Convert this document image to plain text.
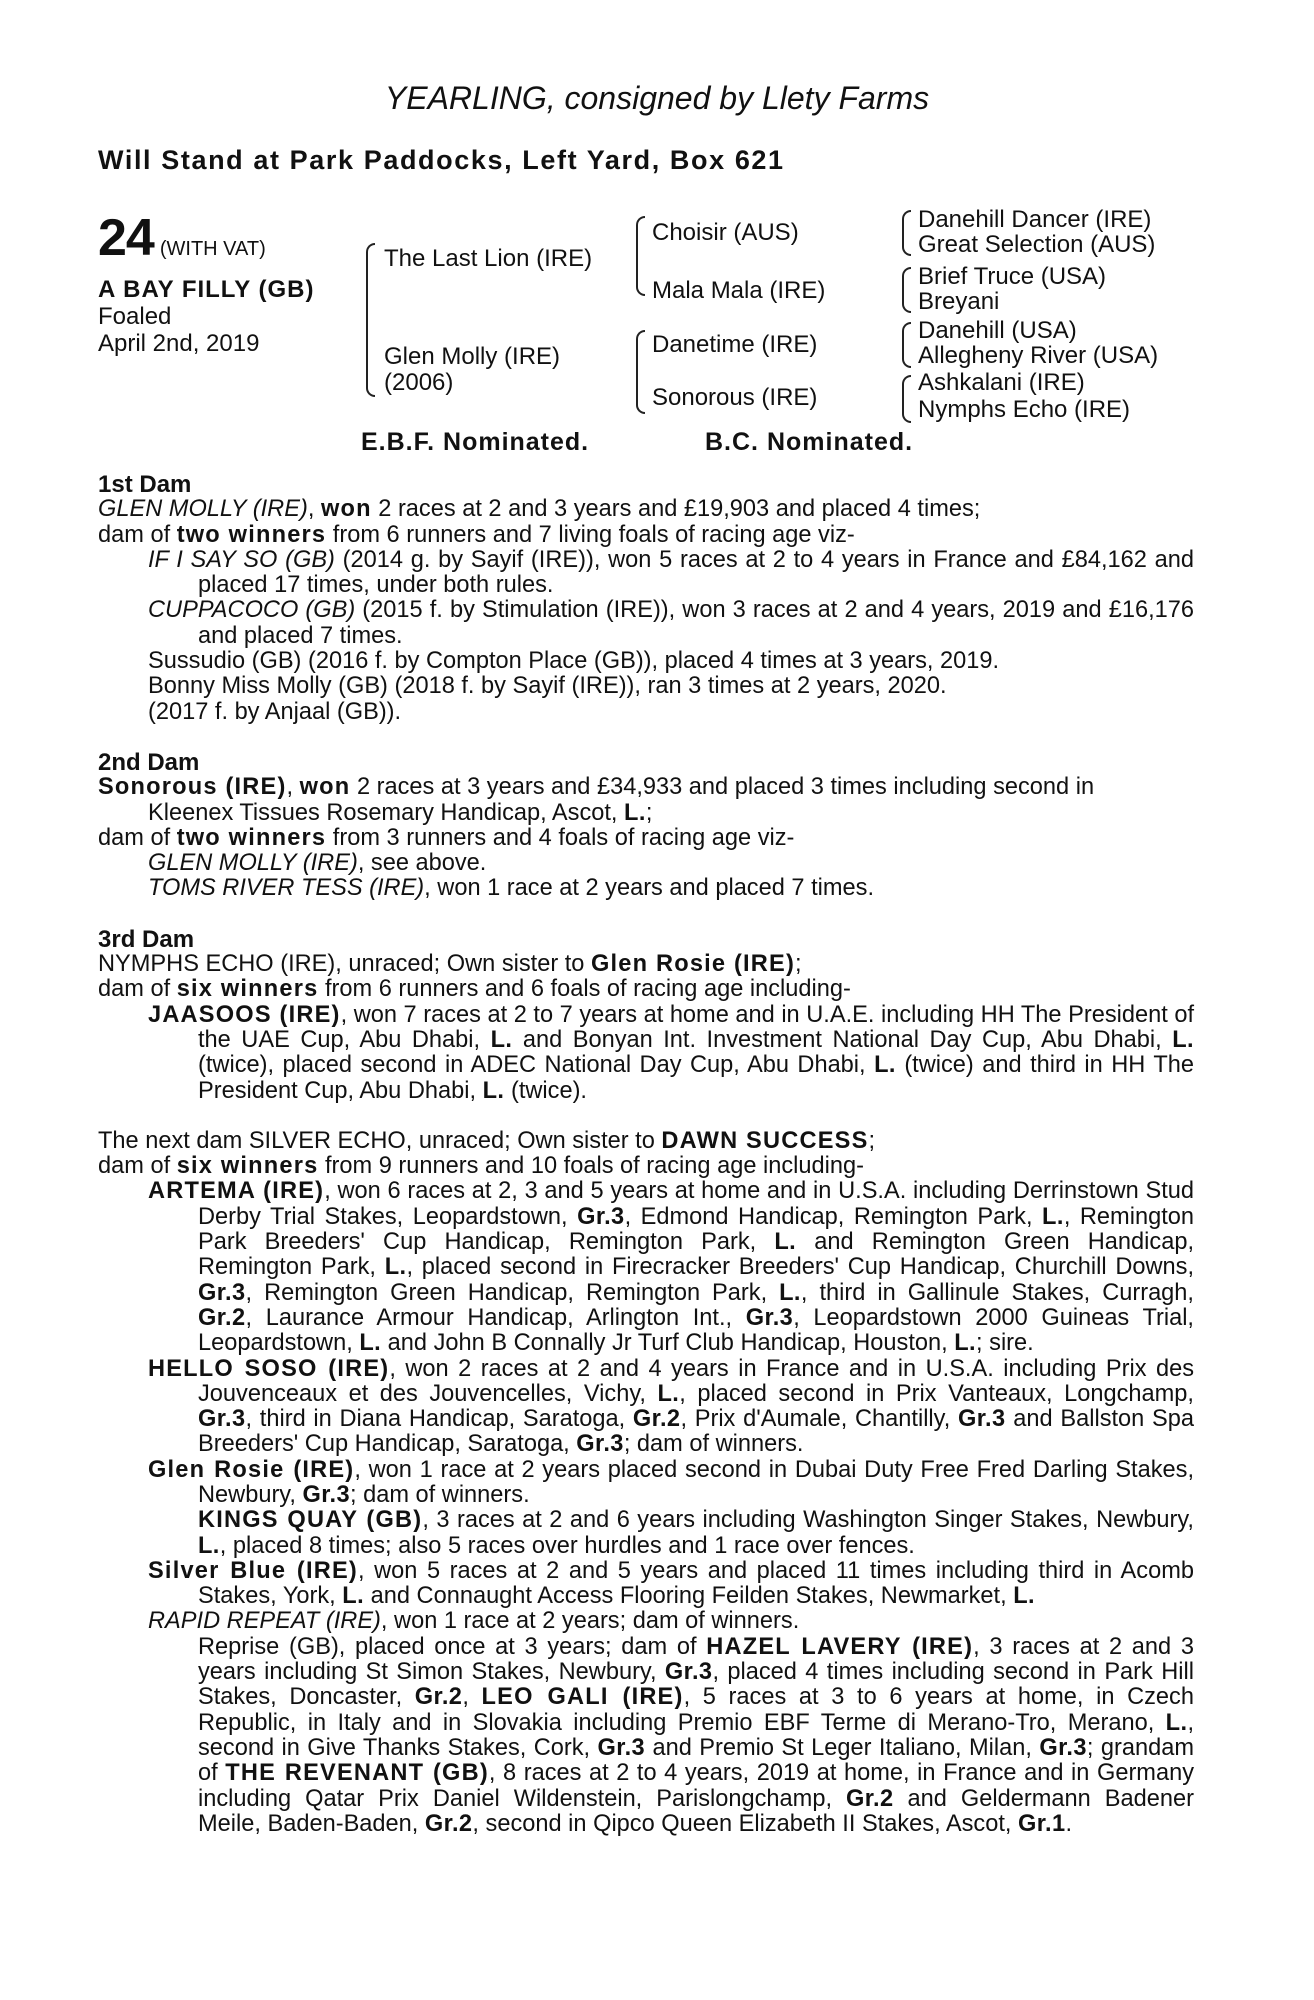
YEARLING, consigned by Llety Farms
Will Stand at Park Paddocks, Left Yard, Box 621
24 (WITH VAT)
A BAY FILLY (GB)
Foaled
April 2nd, 2019
The Last Lion (IRE)
Glen Molly (IRE)
(2006)
Choisir (AUS)
Mala Mala (IRE)
Danetime (IRE)
Sonorous (IRE)
Danehill Dancer (IRE)
Great Selection (AUS)
Brief Truce (USA)
Breyani
Danehill (USA)
Allegheny River (USA)
Ashkalani (IRE)
Nymphs Echo (IRE)
E.B.F. Nominated.	B.C. Nominated.

1st Dam

GLEN MOLLY (IRE), won 2 races at 2 and 3 years and £19,903 and placed 4 times;

dam of two winners from 6 runners and 7 living foals of racing age viz-

IF I SAY SO (GB) (2014 g. by Sayif (IRE)), won 5 races at 2 to 4 years in France and £84,162 and placed 17 times, under both rules.

CUPPACOCO (GB) (2015 f. by Stimulation (IRE)), won 3 races at 2 and 4 years, 2019 and £16,176 and placed 7 times.

Sussudio (GB) (2016 f. by Compton Place (GB)), placed 4 times at 3 years, 2019.

Bonny Miss Molly (GB) (2018 f. by Sayif (IRE)), ran 3 times at 2 years, 2020.

(2017 f. by Anjaal (GB)).

2nd Dam

Sonorous (IRE), won 2 races at 3 years and £34,933 and placed 3 times including second in

Kleenex Tissues Rosemary Handicap, Ascot, L.;

dam of two winners from 3 runners and 4 foals of racing age viz-

GLEN MOLLY (IRE), see above.

TOMS RIVER TESS (IRE), won 1 race at 2 years and placed 7 times.

3rd Dam

NYMPHS ECHO (IRE), unraced; Own sister to Glen Rosie (IRE);

dam of six winners from 6 runners and 6 foals of racing age including-

JAASOOS (IRE), won 7 races at 2 to 7 years at home and in U.A.E. including HH The President of the UAE Cup, Abu Dhabi, L. and Bonyan Int. Investment National Day Cup, Abu Dhabi, L. (twice), placed second in ADEC National Day Cup, Abu Dhabi, L. (twice) and third in HH The President Cup, Abu Dhabi, L. (twice).

The next dam SILVER ECHO, unraced; Own sister to DAWN SUCCESS;

dam of six winners from 9 runners and 10 foals of racing age including-

ARTEMA (IRE), won 6 races at 2, 3 and 5 years at home and in U.S.A. including Derrinstown Stud Derby Trial Stakes, Leopardstown, Gr.3, Edmond Handicap, Remington Park, L., Remington Park Breeders' Cup Handicap, Remington Park, L. and Remington Green Handicap, Remington Park, L., placed second in Firecracker Breeders' Cup Handicap, Churchill Downs, Gr.3, Remington Green Handicap, Remington Park, L., third in Gallinule Stakes, Curragh, Gr.2, Laurance Armour Handicap, Arlington Int., Gr.3, Leopardstown 2000 Guineas Trial, Leopardstown, L. and John B Connally Jr Turf Club Handicap, Houston, L.; sire.

HELLO SOSO (IRE), won 2 races at 2 and 4 years in France and in U.S.A. including Prix des Jouvenceaux et des Jouvencelles, Vichy, L., placed second in Prix Vanteaux, Longchamp, Gr.3, third in Diana Handicap, Saratoga, Gr.2, Prix d'Aumale, Chantilly, Gr.3 and Ballston Spa Breeders' Cup Handicap, Saratoga, Gr.3; dam of winners.

Glen Rosie (IRE), won 1 race at 2 years placed second in Dubai Duty Free Fred Darling Stakes, Newbury, Gr.3; dam of winners.

KINGS QUAY (GB), 3 races at 2 and 6 years including Washington Singer Stakes, Newbury, L., placed 8 times; also 5 races over hurdles and 1 race over fences.

Silver Blue (IRE), won 5 races at 2 and 5 years and placed 11 times including third in Acomb Stakes, York, L. and Connaught Access Flooring Feilden Stakes, Newmarket, L.

RAPID REPEAT (IRE), won 1 race at 2 years; dam of winners.

Reprise (GB), placed once at 3 years; dam of HAZEL LAVERY (IRE), 3 races at 2 and 3 years including St Simon Stakes, Newbury, Gr.3, placed 4 times including second in Park Hill Stakes, Doncaster, Gr.2, LEO GALI (IRE), 5 races at 3 to 6 years at home, in Czech Republic, in Italy and in Slovakia including Premio EBF Terme di Merano-Tro, Merano, L., second in Give Thanks Stakes, Cork, Gr.3 and Premio St Leger Italiano, Milan, Gr.3; grandam of THE REVENANT (GB), 8 races at 2 to 4 years, 2019 at home, in France and in Germany including Qatar Prix Daniel Wildenstein, Parislongchamp, Gr.2 and Geldermann Badener Meile, Baden-Baden, Gr.2, second in Qipco Queen Elizabeth II Stakes, Ascot, Gr.1.
